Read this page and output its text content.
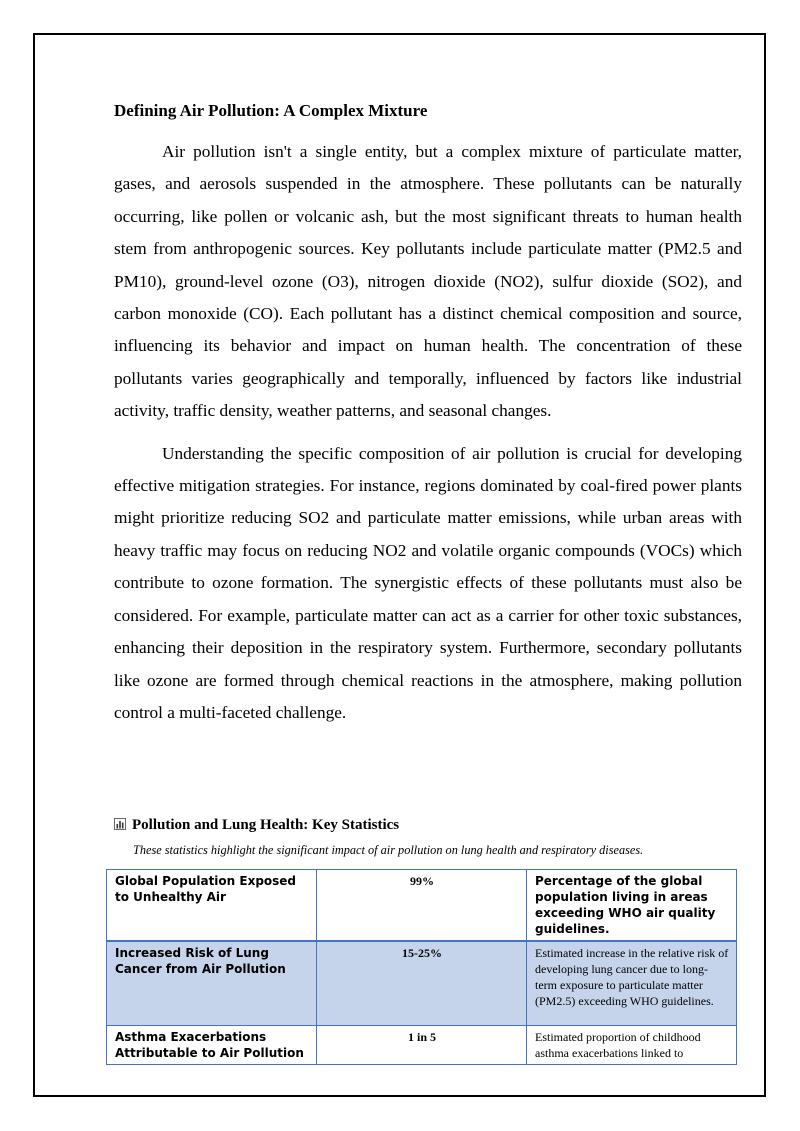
Defining Air Pollution: A Complex Mixture

Air pollution isn't a single entity, but a complex mixture of particulate matter, gases, and aerosols suspended in the atmosphere. These pollutants can be naturally occurring, like pollen or volcanic ash, but the most significant threats to human health stem from anthropogenic sources. Key pollutants include particulate matter (PM2.5 and PM10), ground-level ozone (O3), nitrogen dioxide (NO2), sulfur dioxide (SO2), and carbon monoxide (CO). Each pollutant has a distinct chemical composition and source, influencing its behavior and impact on human health. The concentration of these pollutants varies geographically and temporally, influenced by factors like industrial activity, traffic density, weather patterns, and seasonal changes.

Understanding the specific composition of air pollution is crucial for developing effective mitigation strategies. For instance, regions dominated by coal-fired power plants might prioritize reducing SO2 and particulate matter emissions, while urban areas with heavy traffic may focus on reducing NO2 and volatile organic compounds (VOCs) which contribute to ozone formation. The synergistic effects of these pollutants must also be considered. For example, particulate matter can act as a carrier for other toxic substances, enhancing their deposition in the respiratory system. Furthermore, secondary pollutants like ozone are formed through chemical reactions in the atmosphere, making pollution control a multi-faceted challenge.

Pollution and Lung Health: Key Statistics
These statistics highlight the significant impact of air pollution on lung health and respiratory diseases.
Global Population Exposed to Unhealthy Air	99%	Percentage of the global population living in areas exceeding WHO air quality guidelines.
Increased Risk of Lung Cancer from Air Pollution	15-25%	Estimated increase in the relative risk of developing lung cancer due to long-term exposure to particulate matter (PM2.5) exceeding WHO guidelines.
Asthma Exacerbations Attributable to Air Pollution	1 in 5	Estimated proportion of childhood asthma exacerbations linked to
